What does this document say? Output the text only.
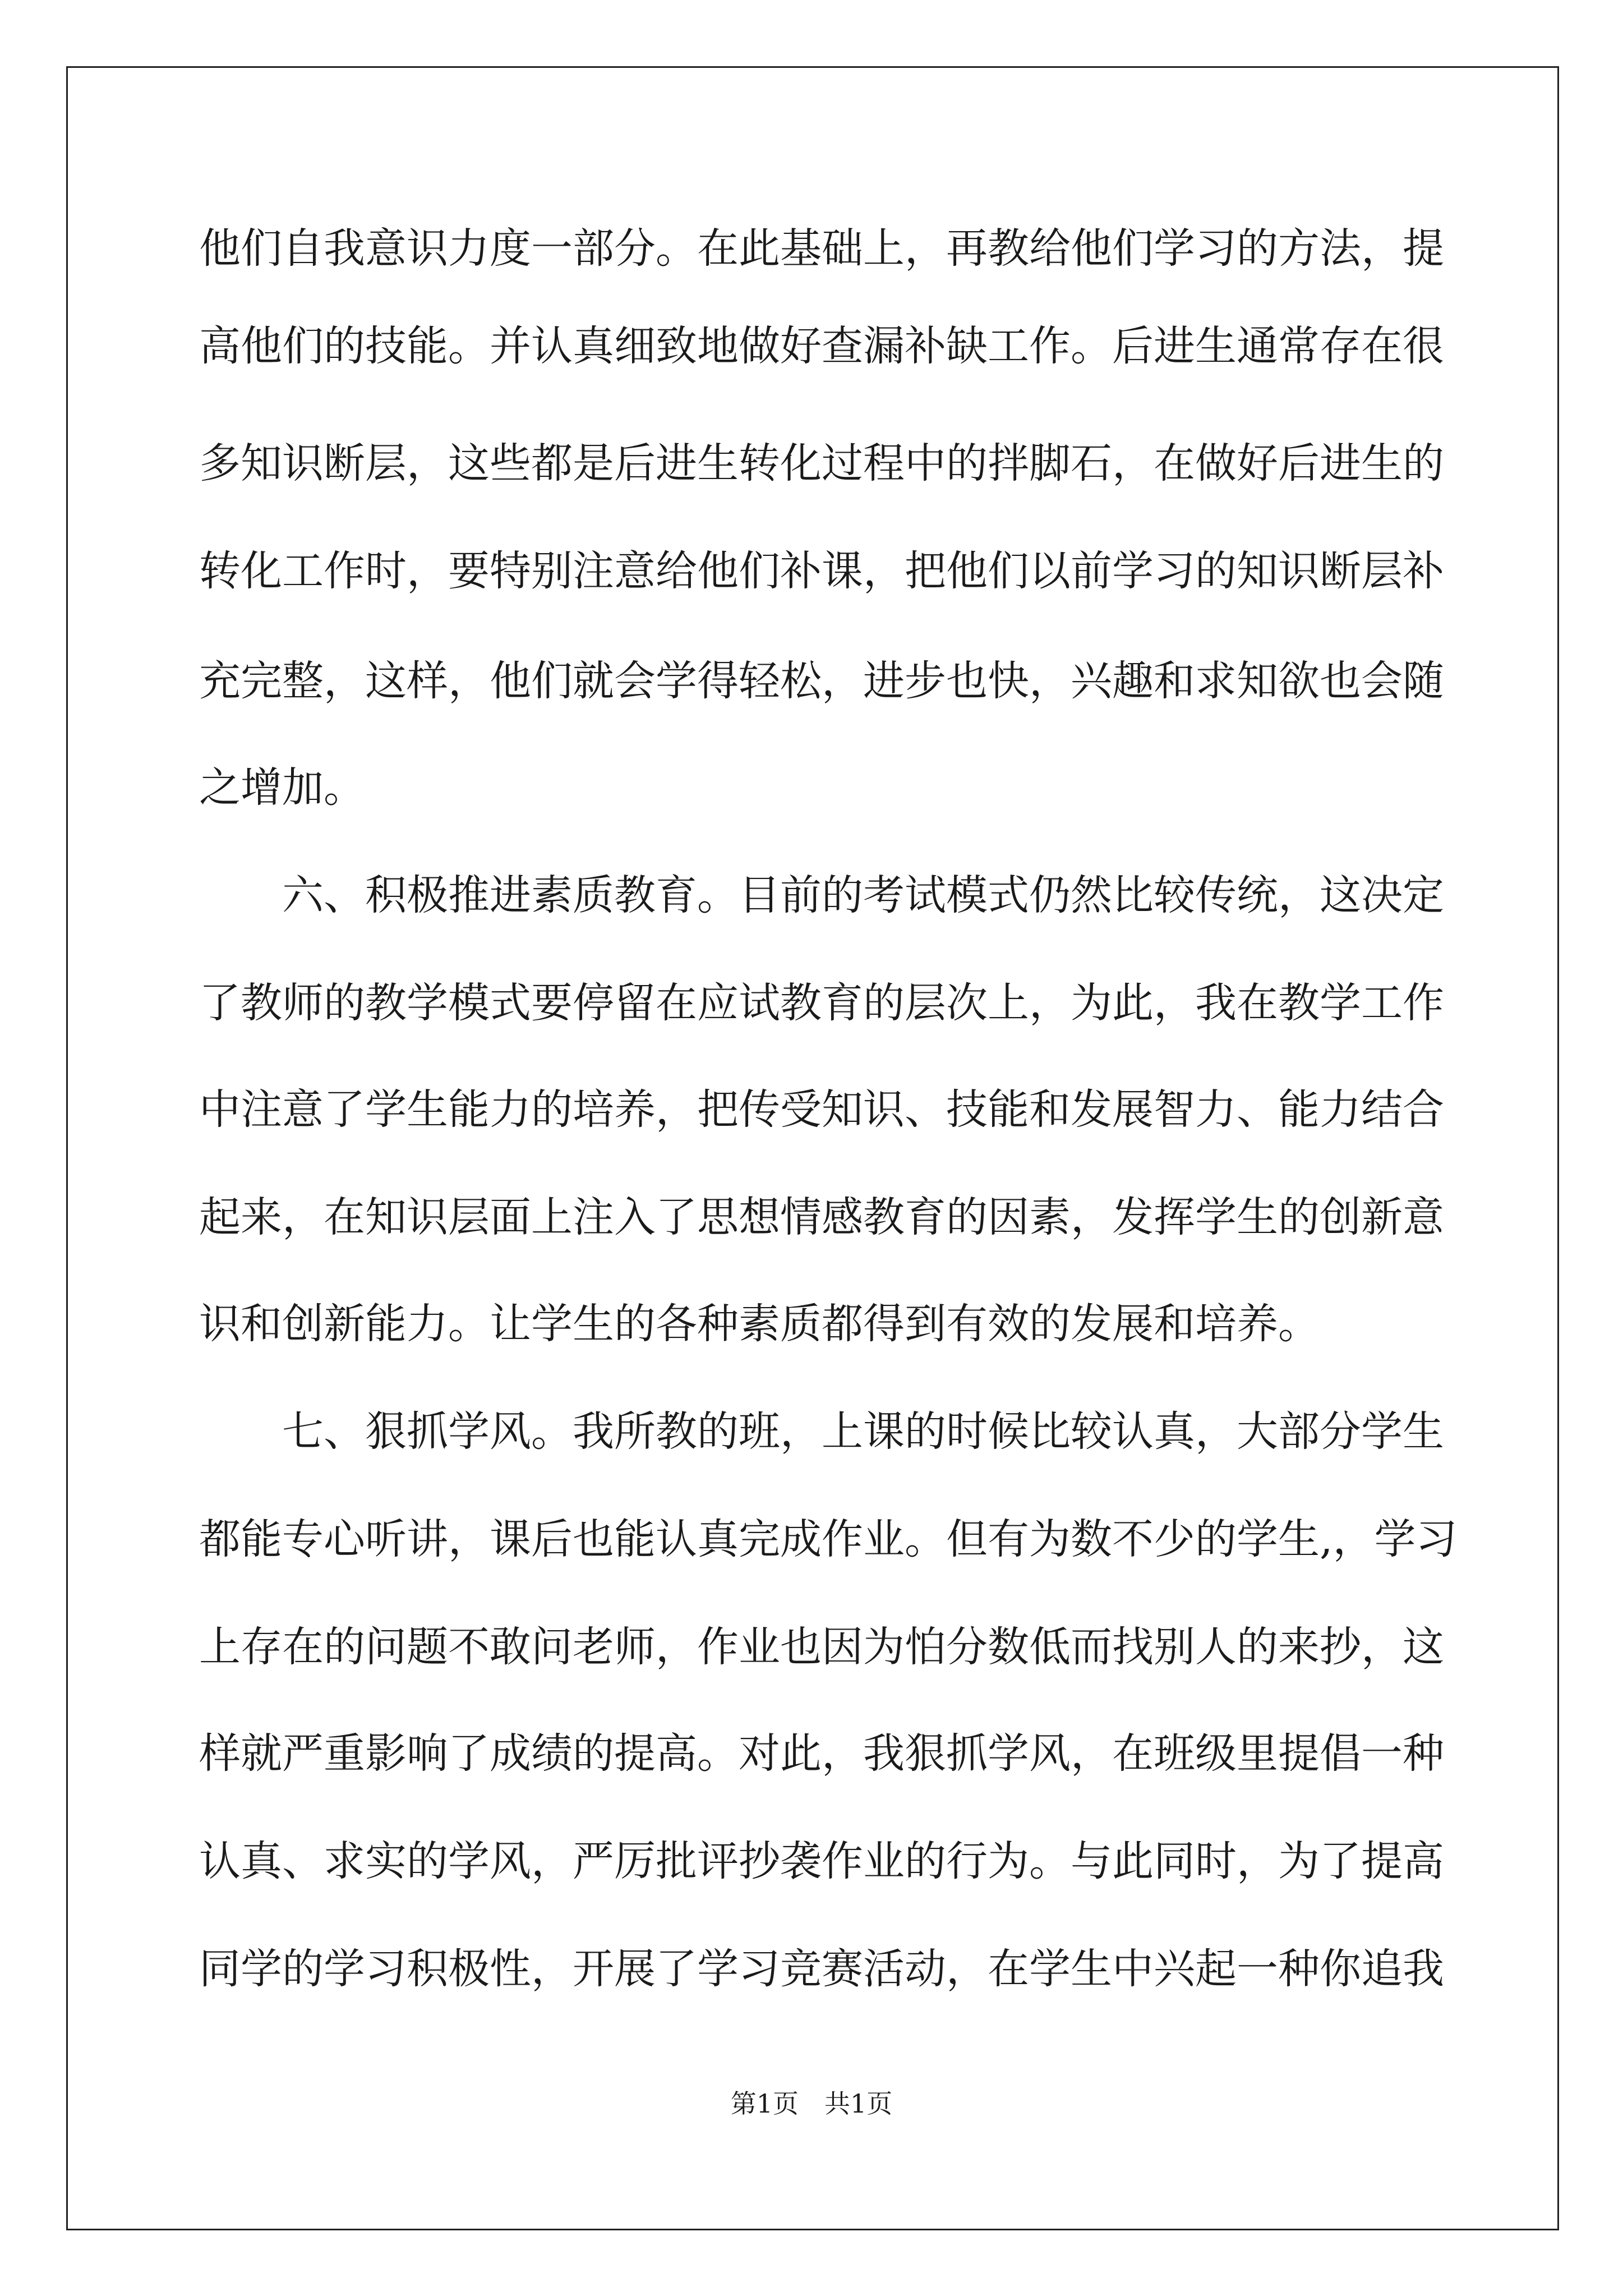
他们自我意识力度一部分。在此基础上，再教给他们学习的方法，提
高他们的技能。并认真细致地做好查漏补缺工作。后进生通常存在很
多知识断层，这些都是后进生转化过程中的拌脚石，在做好后进生的
转化工作时，要特别注意给他们补课，把他们以前学习的知识断层补
充完整，这样，他们就会学得轻松，进步也快，兴趣和求知欲也会随
之增加。
　　六、积极推进素质教育。目前的考试模式仍然比较传统，这决定
了教师的教学模式要停留在应试教育的层次上，为此，我在教学工作
中注意了学生能力的培养，把传受知识、技能和发展智力、能力结合
起来，在知识层面上注入了思想情感教育的因素，发挥学生的创新意
识和创新能力。让学生的各种素质都得到有效的发展和培养。
　　七、狠抓学风。我所教的班，上课的时候比较认真，大部分学生
都能专心听讲，课后也能认真完成作业。但有为数不少的学生,，学习
上存在的问题不敢问老师，作业也因为怕分数低而找别人的来抄，这
样就严重影响了成绩的提高。对此，我狠抓学风，在班级里提倡一种
认真、求实的学风，严厉批评抄袭作业的行为。与此同时，为了提高
同学的学习积极性，开展了学习竞赛活动，在学生中兴起一种你追我
第1页　共1页
